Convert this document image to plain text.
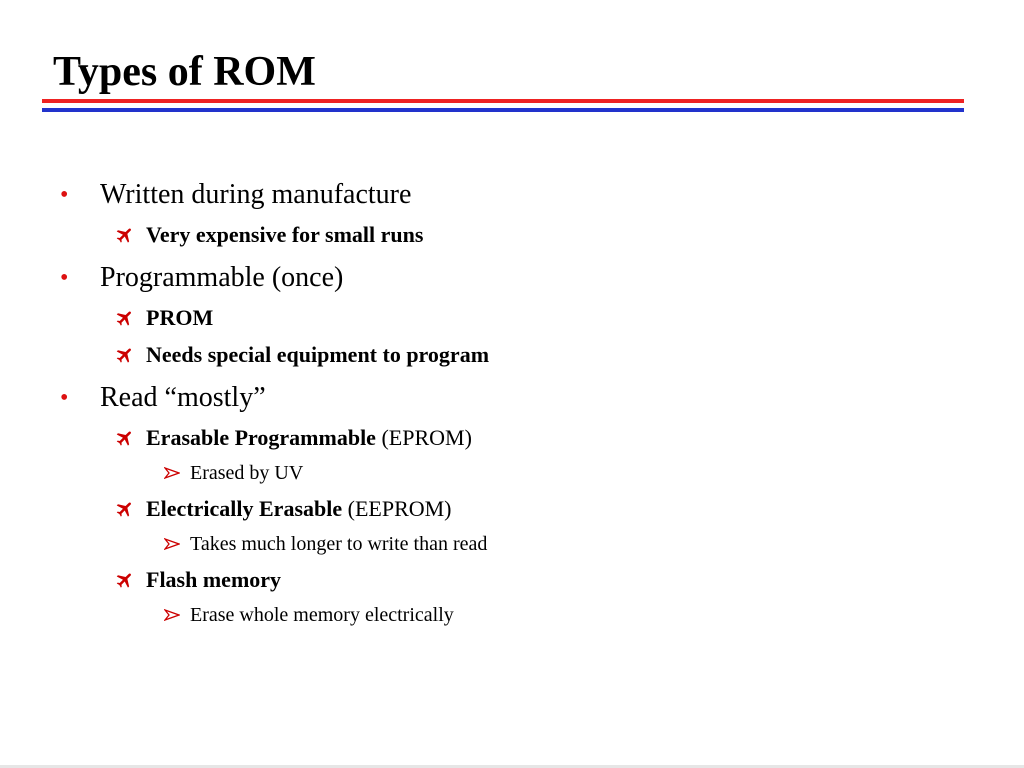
Types of ROM
• Written during manufacture
Very expensive for small runs
• Programmable (once)
PROM
Needs special equipment to program
• Read “mostly”
Erasable Programmable (EPROM)
Erased by UV
Electrically Erasable (EEPROM)
Takes much longer to write than read
Flash memory
Erase whole memory electrically
